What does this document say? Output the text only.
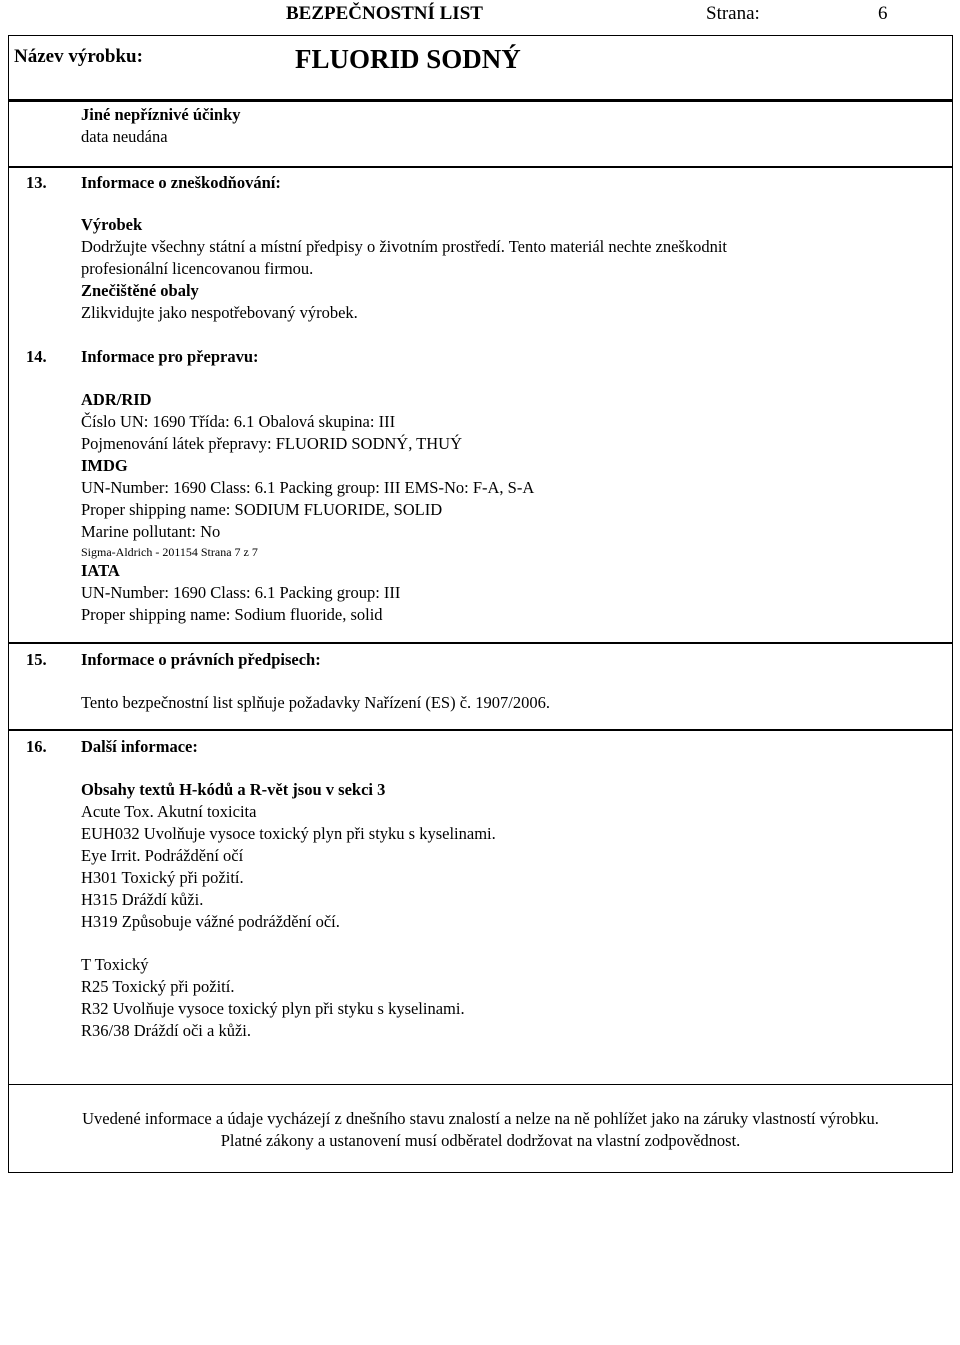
BEZPEČNOSTNÍ LIST	Strana:	6
Název výrobku:	FLUORID SODNÝ
Jiné nepříznivé účinky
data neudána
13. Informace o zneškodňování:
Výrobek
Dodržujte všechny státní a místní předpisy o životním prostředí. Tento materiál nechte zneškodnit
profesionální licencovanou firmou.
Znečištěné obaly
Zlikvidujte jako nespotřebovaný výrobek.
14. Informace pro přepravu:
ADR/RID
Číslo UN: 1690 Třída: 6.1 Obalová skupina: III
Pojmenování látek přepravy: FLUORID SODNÝ, THUÝ
IMDG
UN-Number: 1690 Class: 6.1 Packing group: III EMS-No: F-A, S-A
Proper shipping name: SODIUM FLUORIDE, SOLID
Marine pollutant: No
Sigma-Aldrich - 201154 Strana 7 z 7
IATA
UN-Number: 1690 Class: 6.1 Packing group: III
Proper shipping name: Sodium fluoride, solid
15. Informace o právních předpisech:
Tento bezpečnostní list splňuje požadavky Nařízení (ES) č. 1907/2006.
16. Další informace:
Obsahy textů H-kódů a R-vět jsou v sekci 3
Acute Tox. Akutní toxicita
EUH032 Uvolňuje vysoce toxický plyn při styku s kyselinami.
Eye Irrit. Podráždění očí
H301 Toxický při požití.
H315 Dráždí kůži.
H319 Způsobuje vážné podráždění očí.
T Toxický
R25 Toxický při požití.
R32 Uvolňuje vysoce toxický plyn při styku s kyselinami.
R36/38 Dráždí oči a kůži.
Uvedené informace a údaje vycházejí z dnešního stavu znalostí a nelze na ně pohlížet jako na záruky vlastností výrobku.
Platné zákony a ustanovení musí odběratel dodržovat na vlastní zodpovědnost.
